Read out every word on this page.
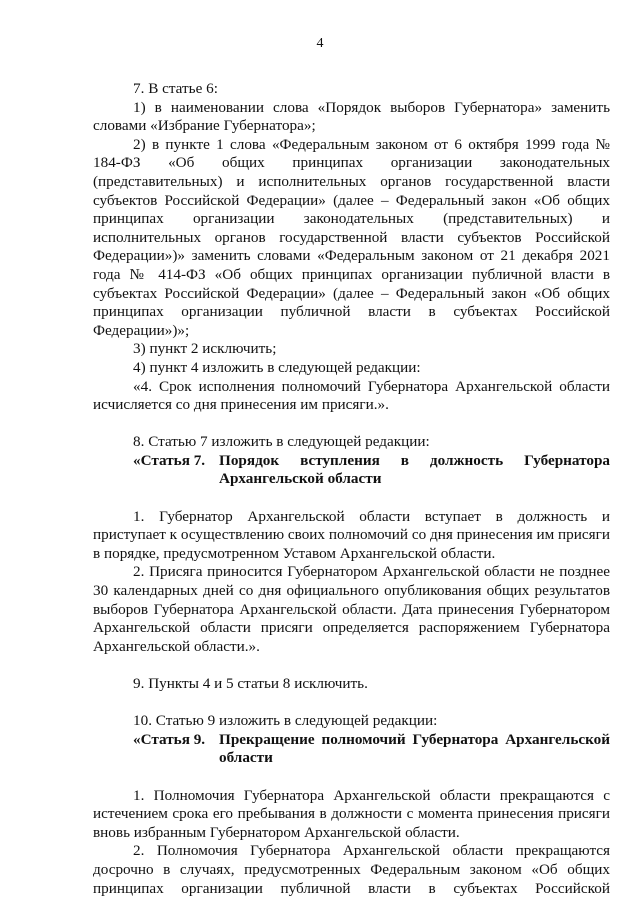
4

7. В статье 6:

1) в наименовании слова «Порядок выборов Губернатора» заменить словами «Избрание Губернатора»;

2) в пункте 1 слова «Федеральным законом от 6 октября 1999 года № 184-ФЗ «Об общих принципах организации законодательных (представительных) и исполнительных органов государственной власти субъектов Российской Федерации» (далее – Федеральный закон «Об общих принципах организации законодательных (представительных) и исполнительных органов государственной власти субъектов Российской Федерации»)» заменить словами «Федеральным законом от 21 декабря 2021 года № 414-ФЗ «Об общих принципах организации публичной власти в субъектах Российской Федерации» (далее – Федеральный закон «Об общих принципах организации публичной власти в субъектах Российской Федерации»)»;

3) пункт 2 исключить;

4) пункт 4 изложить в следующей редакции:

«4. Срок исполнения полномочий Губернатора Архангельской области исчисляется со дня принесения им присяги.».

8. Статью 7 изложить в следующей редакции:

«Статья 7. Порядок вступления в должность Губернатора Архангельской области

1. Губернатор Архангельской области вступает в должность и приступает к осуществлению своих полномочий со дня принесения им присяги в порядке, предусмотренном Уставом Архангельской области.

2. Присяга приносится Губернатором Архангельской области не позднее 30 календарных дней со дня официального опубликования общих результатов выборов Губернатора Архангельской области. Дата принесения Губернатором Архангельской области присяги определяется распоряжением Губернатора Архангельской области.».

9. Пункты 4 и 5 статьи 8 исключить.

10. Статью 9 изложить в следующей редакции:

«Статья 9. Прекращение полномочий Губернатора Архангельской области

1. Полномочия Губернатора Архангельской области прекращаются с истечением срока его пребывания в должности с момента принесения присяги вновь избранным Губернатором Архангельской области.

2. Полномочия Губернатора Архангельской области прекращаются досрочно в случаях, предусмотренных Федеральным законом «Об общих принципах организации публичной власти в субъектах Российской
